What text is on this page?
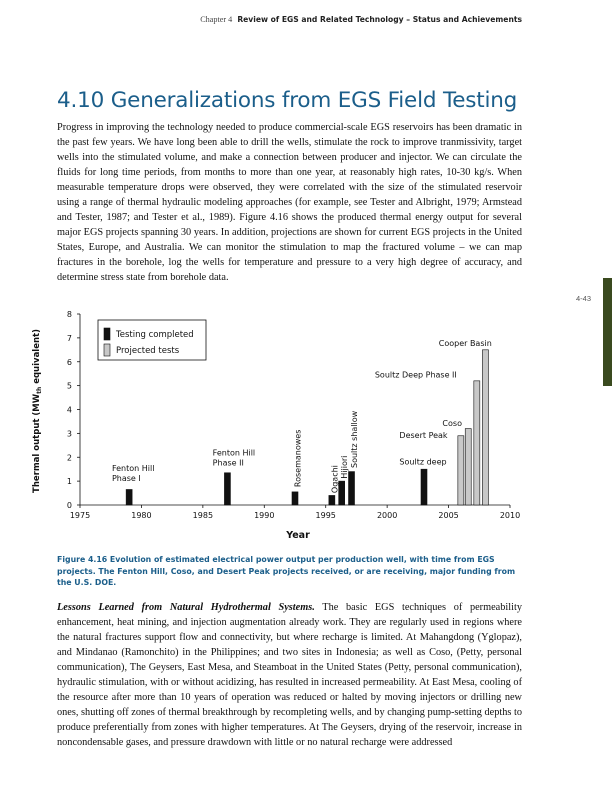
Chapter 4 Review of EGS and Related Technology – Status and Achievements
4-43
4.10 Generalizations from EGS Field Testing

Progress in improving the technology needed to produce commercial-scale EGS reservoirs has been dramatic in the past few years. We have long been able to drill the wells, stimulate the rock to improve tranmissivity, target wells into the stimulated volume, and make a connection between producer and injector. We can circulate the fluids for long time periods, from months to more than one year, at reasonably high rates, 10-30 kg/s. When measurable temperature drops were observed, they were correlated with the size of the stimulated reservoir using a range of thermal hydraulic modeling approaches (for example, see Tester and Albright, 1979; Armstead and Tester, 1987; and Tester et al., 1989). Figure 4.16 shows the produced thermal energy output for several major EGS projects spanning 30 years. In addition, projections are shown for current EGS projects in the United States, Europe, and Australia. We can monitor the stimulation to map the fractured volume – we can map fractures in the borehole, log the wells for temperature and pressure to a very high degree of accuracy, and determine stress state from borehole data.

0
1
2
3
4
5
6
7
8
1975	1980	1985	1990	1995	2000	2005	2010
Fenton Hill Phase I
Fenton Hill Phase II	Rosemanowes	Ogachi Hijiori Soultz shallow	Soultz deep
Desert Peak
Coso
Soultz Deep Phase II
Cooper Basin
Testing completed
Projected tests
Year
Thermal output ($MW_{th}$ equivalent)

Figure 4.16 Evolution of estimated electrical power output per production well, with time from EGS projects. The Fenton Hill, Coso, and Desert Peak projects received, or are receiving, major funding from the U.S. DOE.

Lessons Learned from Natural Hydrothermal Systems. The basic EGS techniques of permeability enhancement, heat mining, and injection augmentation already work. They are regularly used in regions where the natural fractures support flow and connectivity, but where recharge is limited. At Mahangdong (Yglopaz), and Mindanao (Ramonchito) in the Philippines; and two sites in Indonesia; as well as Coso, (Petty, personal communication), The Geysers, East Mesa, and Steamboat in the United States (Petty, personal communication), hydraulic stimulation, with or without acidizing, has resulted in increased permeability. At East Mesa, cooling of the resource after more than 10 years of operation was reduced or halted by moving injectors or drilling new ones, shutting off zones of thermal breakthrough by recompleting wells, and by changing pump-setting depths to produce preferentially from zones with higher temperatures. At The Geysers, drying of the reservoir, increase in noncondensable gases, and pressure drawdown with little or no natural recharge were addressed
